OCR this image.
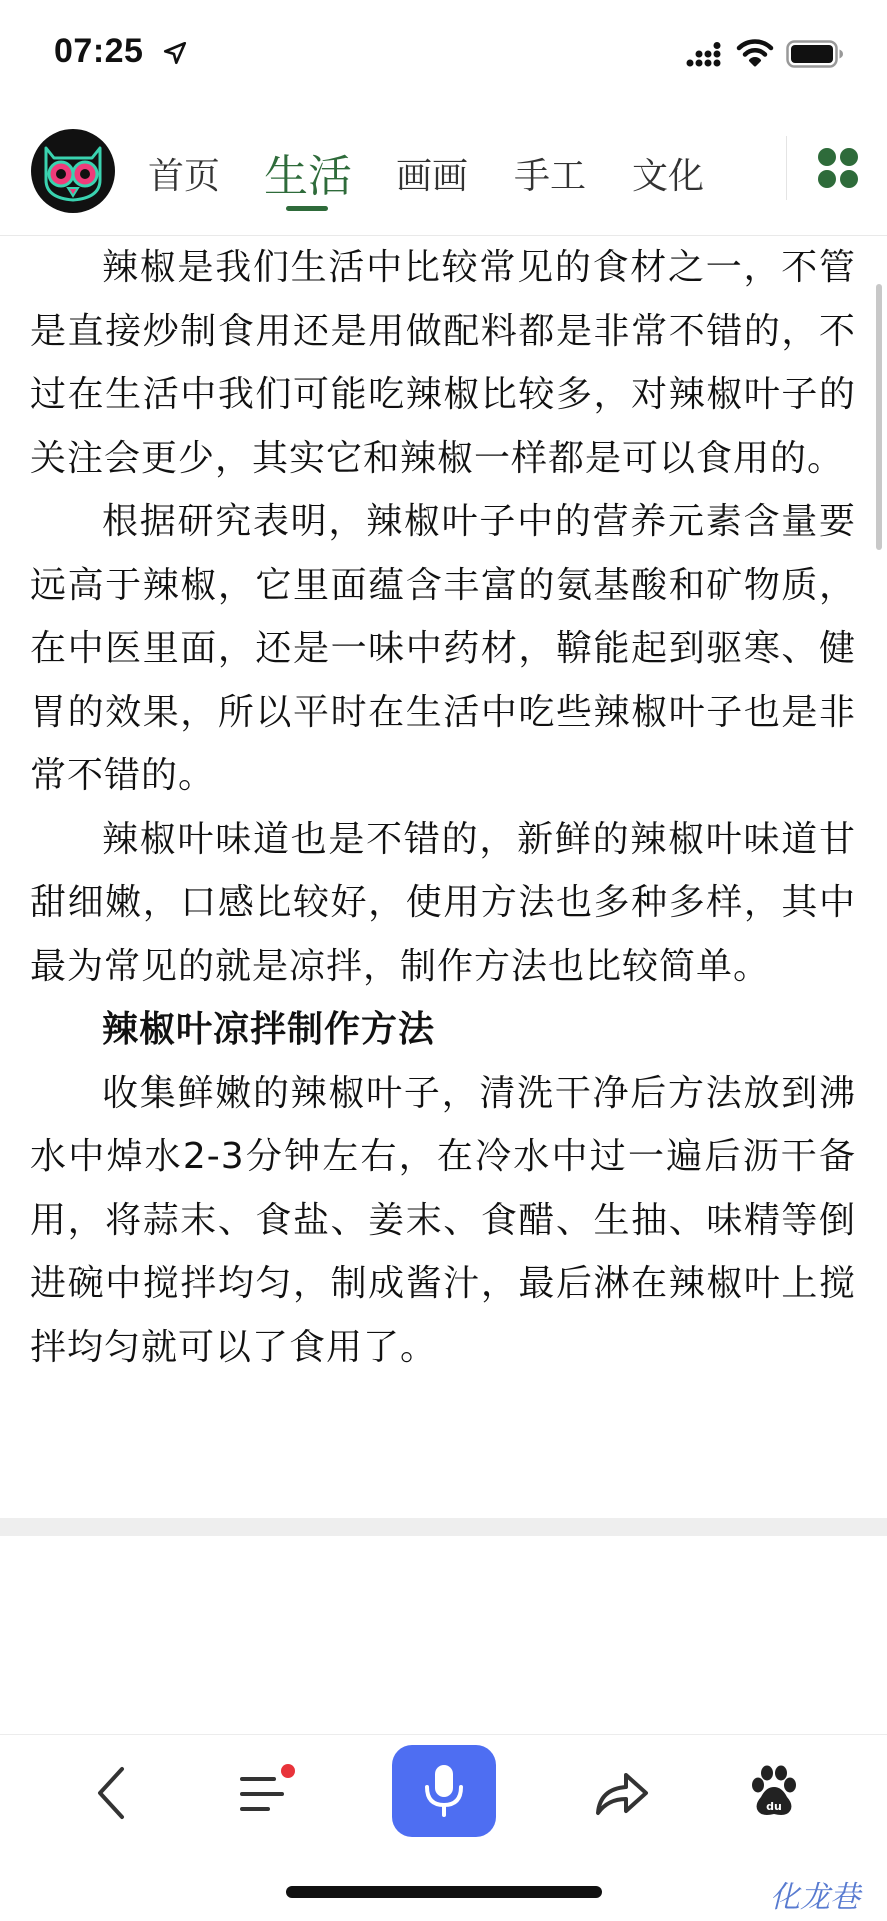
07:25
首页 生活 画画 手工 文化

辣椒是我们生活中比较常见的食材之一，不管是直接炒制食用还是用做配料都是非常不错的，不过在生活中我们可能吃辣椒比较多，对辣椒叶子的关注会更少，其实它和辣椒一样都是可以食用的。

根据研究表明，辣椒叶子中的营养元素含量要远高于辣椒，它里面蕴含丰富的氨基酸和矿物质，在中医里面，还是一味中药材，鞥能起到驱寒、健胃的效果，所以平时在生活中吃些辣椒叶子也是非常不错的。

辣椒叶味道也是不错的，新鲜的辣椒叶味道甘甜细嫩，口感比较好，使用方法也多种多样，其中最为常见的就是凉拌，制作方法也比较简单。

辣椒叶凉拌制作方法

收集鲜嫩的辣椒叶子，清洗干净后方法放到沸水中焯水2-3分钟左右，在冷水中过一遍后沥干备用，将蒜末、食盐、姜末、食醋、生抽、味精等倒进碗中搅拌均匀，制成酱汁，最后淋在辣椒叶上搅拌均匀就可以了食用了。

du
化龙巷
